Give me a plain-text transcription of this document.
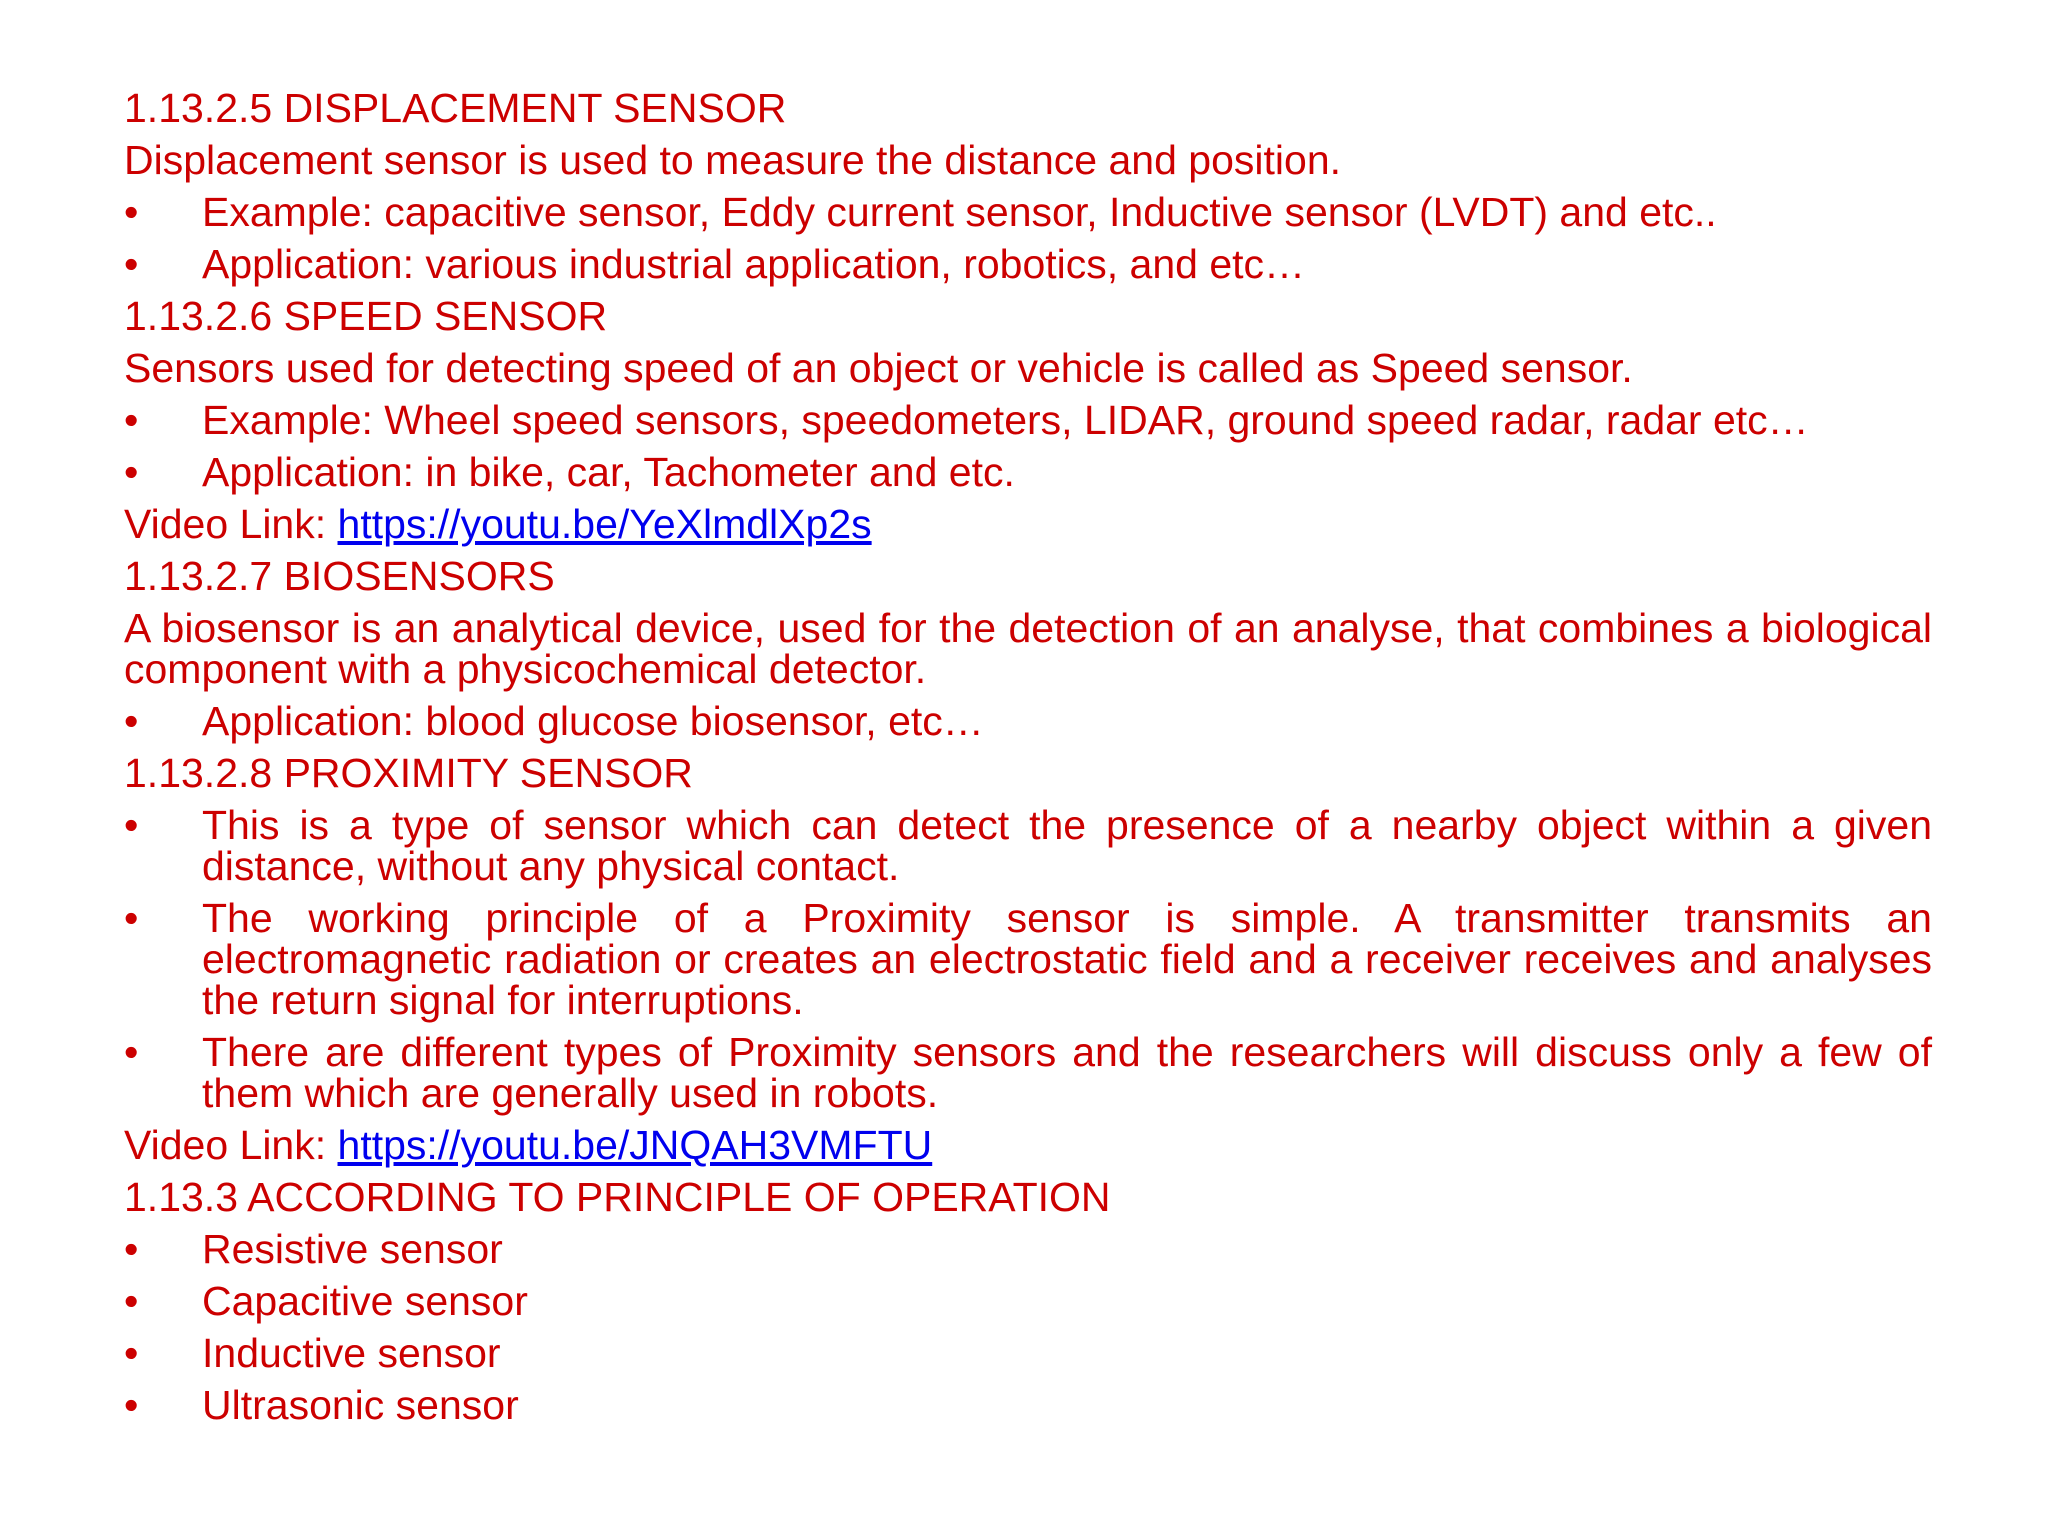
1.13.2.5 DISPLACEMENT SENSOR
Displacement sensor is used to measure the distance and position.
• Example: capacitive sensor, Eddy current sensor, Inductive sensor (LVDT) and etc..
• Application: various industrial application, robotics, and etc…
1.13.2.6 SPEED SENSOR
Sensors used for detecting speed of an object or vehicle is called as Speed sensor.
• Example: Wheel speed sensors, speedometers, LIDAR, ground speed radar, radar etc…
• Application: in bike, car, Tachometer and etc.
Video Link: https://youtu.be/YeXlmdlXp2s
1.13.2.7 BIOSENSORS
A biosensor is an analytical device, used for the detection of an analyse, that combines a biological component with a physicochemical detector.
• Application: blood glucose biosensor, etc…
1.13.2.8 PROXIMITY SENSOR
• This is a type of sensor which can detect the presence of a nearby object within a given distance, without any physical contact.
• The working principle of a Proximity sensor is simple. A transmitter transmits an electromagnetic radiation or creates an electrostatic field and a receiver receives and analyses the return signal for interruptions.
• There are different types of Proximity sensors and the researchers will discuss only a few of them which are generally used in robots.
Video Link: https://youtu.be/JNQAH3VMFTU
1.13.3 ACCORDING TO PRINCIPLE OF OPERATION
• Resistive sensor
• Capacitive sensor
• Inductive sensor
• Ultrasonic sensor
